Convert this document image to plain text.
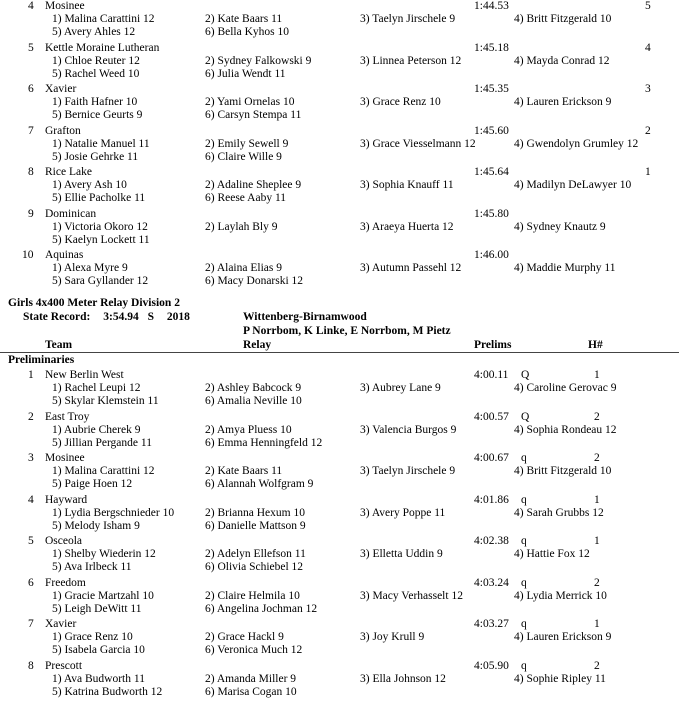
4 Mosinee	1:44.53	5
1) Malina Carattini 12	2) Kate Baars 11	3) Taelyn Jirschele 9	4) Britt Fitzgerald 10
5) Avery Ahles 12	6) Bella Kyhos 10
5 Kettle Moraine Lutheran	1:45.18	4
1) Chloe Reuter 12	2) Sydney Falkowski 9	3) Linnea Peterson 12	4) Mayda Conrad 12
5) Rachel Weed 10	6) Julia Wendt 11
6 Xavier	1:45.35	3
1) Faith Hafner 10	2) Yami Ornelas 10	3) Grace Renz 10	4) Lauren Erickson 9
5) Bernice Geurts 9	6) Carsyn Stempa 11
7 Grafton	1:45.60	2
1) Natalie Manuel 11	2) Emily Sewell 9	3) Grace Viesselmann 12	4) Gwendolyn Grumley 12
5) Josie Gehrke 11	6) Claire Wille 9
8 Rice Lake	1:45.64	1
1) Avery Ash 10	2) Adaline Sheplee 9	3) Sophia Knauff 11	4) Madilyn DeLawyer 10
5) Ellie Pacholke 11	6) Reese Aaby 11
9 Dominican	1:45.80
1) Victoria Okoro 12	2) Laylah Bly 9	3) Araeya Huerta 12	4) Sydney Knautz 9
5) Kaelyn Lockett 11
10 Aquinas	1:46.00
1) Alexa Myre 9	2) Alaina Elias 9	3) Autumn Passehl 12	4) Maddie Murphy 11
5) Sara Gyllander 12	6) Macy Donarski 12
Girls 4x400 Meter Relay Division 2
State Record: 3:54.94 S 2018	Wittenberg-Birnamwood
P Norrbom, K Linke, E Norrbom, M Pietz
Team	Relay	Prelims	H#
Preliminaries
1 New Berlin West	4:00.11 Q	1
1) Rachel Leupi 12	2) Ashley Babcock 9	3) Aubrey Lane 9	4) Caroline Gerovac 9
5) Skylar Klemstein 11	6) Amalia Neville 10
2 East Troy	4:00.57 Q	2
1) Aubrie Cherek 9	2) Amya Pluess 10	3) Valencia Burgos 9	4) Sophia Rondeau 12
5) Jillian Pergande 11	6) Emma Henningfeld 12
3 Mosinee	4:00.67 q	2
1) Malina Carattini 12	2) Kate Baars 11	3) Taelyn Jirschele 9	4) Britt Fitzgerald 10
5) Paige Hoen 12	6) Alannah Wolfgram 9
4 Hayward	4:01.86 q	1
1) Lydia Bergschnieder 10	2) Brianna Hexum 10	3) Avery Poppe 11	4) Sarah Grubbs 12
5) Melody Isham 9	6) Danielle Mattson 9
5 Osceola	4:02.38 q	1
1) Shelby Wiederin 12	2) Adelyn Ellefson 11	3) Elletta Uddin 9	4) Hattie Fox 12
5) Ava Irlbeck 11	6) Olivia Schiebel 12
6 Freedom	4:03.24 q	2
1) Gracie Martzahl 10	2) Claire Helmila 10	3) Macy Verhasselt 12	4) Lydia Merrick 10
5) Leigh DeWitt 11	6) Angelina Jochman 12
7 Xavier	4:03.27 q	1
1) Grace Renz 10	2) Grace Hackl 9	3) Joy Krull 9	4) Lauren Erickson 9
5) Isabela Garcia 10	6) Veronica Much 12
8 Prescott	4:05.90 q	2
1) Ava Budworth 11	2) Amanda Miller 9	3) Ella Johnson 12	4) Sophie Ripley 11
5) Katrina Budworth 12	6) Marisa Cogan 10
